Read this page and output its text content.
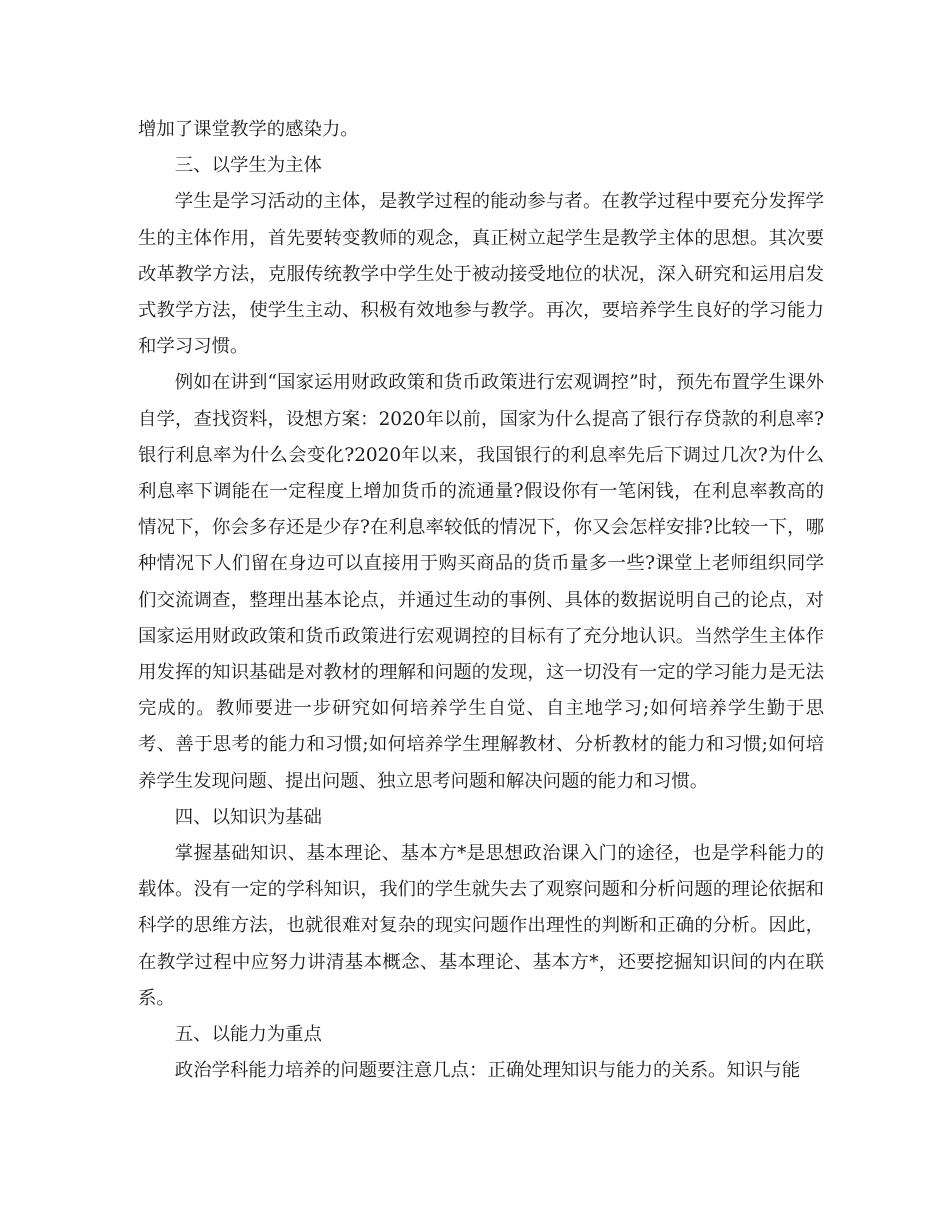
增加了课堂教学的感染力。

三、以学生为主体

学生是学习活动的主体，是教学过程的能动参与者。在教学过程中要充分发挥学生的主体作用，首先要转变教师的观念，真正树立起学生是教学主体的思想。其次要改革教学方法，克服传统教学中学生处于被动接受地位的状况，深入研究和运用启发式教学方法，使学生主动、积极有效地参与教学。再次，要培养学生良好的学习能力和学习习惯。

例如在讲到“国家运用财政政策和货币政策进行宏观调控”时，预先布置学生课外自学，查找资料，设想方案：2020年以前，国家为什么提高了银行存贷款的利息率?银行利息率为什么会变化?2020年以来，我国银行的利息率先后下调过几次?为什么利息率下调能在一定程度上增加货币的流通量?假设你有一笔闲钱，在利息率教高的情况下，你会多存还是少存?在利息率较低的情况下，你又会怎样安排?比较一下，哪种情况下人们留在身边可以直接用于购买商品的货币量多一些?课堂上老师组织同学们交流调查，整理出基本论点，并通过生动的事例、具体的数据说明自己的论点，对国家运用财政政策和货币政策进行宏观调控的目标有了充分地认识。当然学生主体作用发挥的知识基础是对教材的理解和问题的发现，这一切没有一定的学习能力是无法完成的。教师要进一步研究如何培养学生自觉、自主地学习;如何培养学生勤于思考、善于思考的能力和习惯;如何培养学生理解教材、分析教材的能力和习惯;如何培养学生发现问题、提出问题、独立思考问题和解决问题的能力和习惯。

四、以知识为基础

掌握基础知识、基本理论、基本方*是思想政治课入门的途径，也是学科能力的载体。没有一定的学科知识，我们的学生就失去了观察问题和分析问题的理论依据和科学的思维方法，也就很难对复杂的现实问题作出理性的判断和正确的分析。因此，在教学过程中应努力讲清基本概念、基本理论、基本方*，还要挖掘知识间的内在联系。

五、以能力为重点

政治学科能力培养的问题要注意几点：正确处理知识与能力的关系。知识与能
